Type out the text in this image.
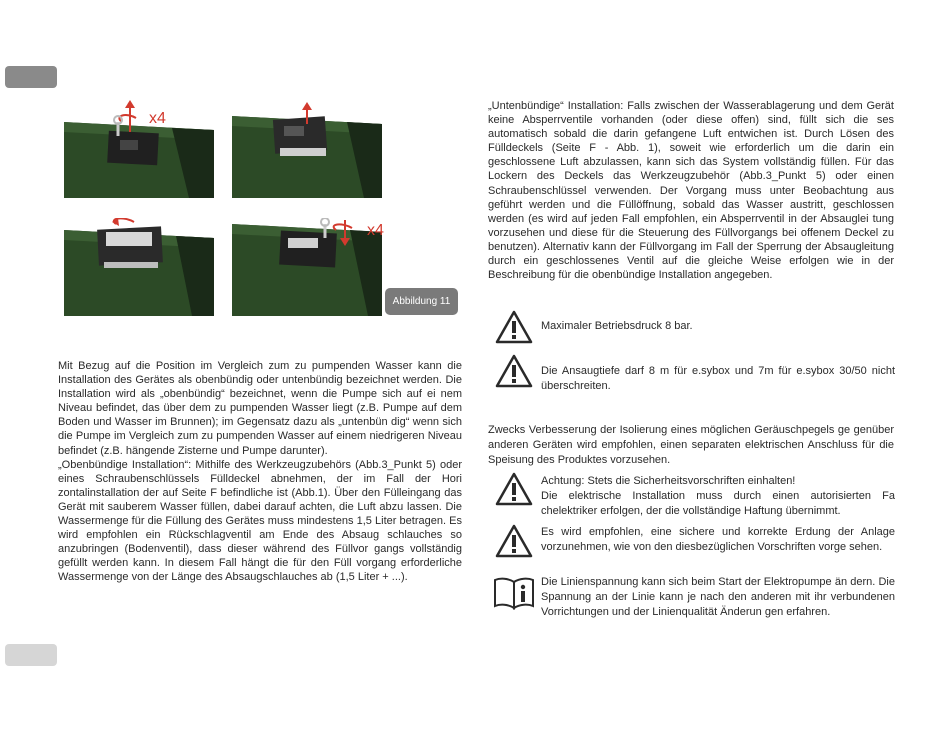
x4
x4
Abbildung 11

Mit Bezug auf die Position im Vergleich zum zu pumpenden Wasser kann die Installation des Gerätes als obenbündig oder untenbündig bezeichnet werden. Die Installation wird als „obenbündig“ bezeichnet, wenn die Pumpe sich auf ei nem Niveau befindet, das über dem zu pumpenden Wasser liegt (z.B. Pumpe auf dem Boden und Wasser im Brunnen); im Gegensatz dazu als „untenbün dig“ wenn sich die Pumpe im Vergleich zum zu pumpenden Wasser auf einem niedrigeren Niveau befindet (z.B. hängende Zisterne und Pumpe darunter).

„Obenbündige Installation“: Mithilfe des Werkzeugzubehörs (Abb.3_Punkt 5) oder eines Schraubenschlüssels Fülldeckel abnehmen, der im Fall der Hori zontalinstallation der auf Seite F befindliche ist (Abb.1). Über den Fülleingang das Gerät mit sauberem Wasser füllen, dabei darauf achten, die Luft abzu lassen. Die Wassermenge für die Füllung des Gerätes muss mindestens 1,5 Liter betragen. Es wird empfohlen ein Rückschlagventil am Ende des Absaug schlauches so anzubringen (Bodenventil), dass dieser während des Füllvor gangs vollständig gefüllt werden kann. In diesem Fall hängt die für den Füll vorgang erforderliche Wassermenge von der Länge des Absaugschlauches ab (1,5 Liter + ...).

„Untenbündige“ Installation: Falls zwischen der Wasserablagerung und dem Gerät keine Absperrventile vorhanden (oder diese offen) sind, füllt sich die ses automatisch sobald die darin gefangene Luft entwichen ist. Durch Lösen des Fülldeckels (Seite F - Abb. 1), soweit wie erforderlich um die darin ein geschlossene Luft abzulassen, kann sich das System vollständig füllen. Für das Lockern des Deckels das Werkzeugzubehör (Abb.3_Punkt 5) oder einen Schraubenschlüssel verwenden. Der Vorgang muss unter Beobachtung aus geführt werden und die Füllöffnung, sobald das Wasser austritt, geschlossen werden (es wird auf jeden Fall empfohlen, ein Absperrventil in der Absauglei tung vorzusehen und diese für die Steuerung des Füllvorgangs bei offenem Deckel zu benutzen). Alternativ kann der Füllvorgang im Fall der Sperrung der Absaugleitung durch ein geschlossenes Ventil auf die gleiche Weise erfolgen wie in der Beschreibung für die obenbündige Installation angegeben.

Maximaler Betriebsdruck 8 bar.
Die Ansaugtiefe darf 8 m für e.sybox und 7m für e.sybox 30/50 nicht überschreiten.

Zwecks Verbesserung der Isolierung eines möglichen Geräuschpegels ge genüber anderen Geräten wird empfohlen, einen separaten elektrischen Anschluss für die Speisung des Produktes vorzusehen.

Achtung: Stets die Sicherheitsvorschriften einhalten!

Die elektrische Installation muss durch einen autorisierten Fa chelektriker erfolgen, der die vollständige Haftung übernimmt.

Es wird empfohlen, eine sichere und korrekte Erdung der Anlage vorzunehmen, wie von den diesbezüglichen Vorschriften vorge sehen.
Die Linienspannung kann sich beim Start der Elektropumpe än dern. Die Spannung an der Linie kann je nach den anderen mit ihr verbundenen Vorrichtungen und der Linienqualität Änderun gen erfahren.
